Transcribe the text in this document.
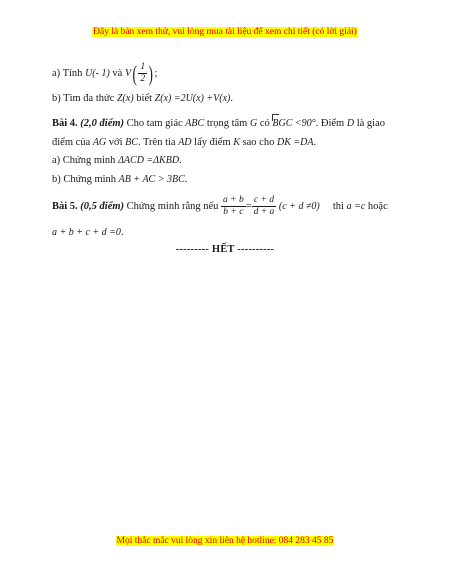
Đây là bản xem thử, vui lòng mua tài liệu để xem chi tiết (có lời giải)
a) Tính U(- 1) và $V( \frac{1}{2}$ );
b) Tìm đa thức Z(x) biết Z(x) =2U(x) +V(x).
Bài 4. (2,0 điểm) Cho tam giác ABC trọng tâm G có BGC <90°. Điểm D là giao
điểm của AG với BC. Trên tia AD lấy điểm K sao cho DK =DA.
a) Chứng minh ΔACD =ΔKBD.
b) Chứng minh AB + AC > 3BC.
Bài 5. (0,5 điểm) Chứng minh rằng nếu $\frac{a + b}{b + c} = \frac{c + d}{d + a} (c + d \ne 0)$ thì a =c hoặc
a + b + c + d =0.
--------- HẾT ----------
Mọi thắc mắc vui lòng xin liên hệ hotline: 084 283 45 85
